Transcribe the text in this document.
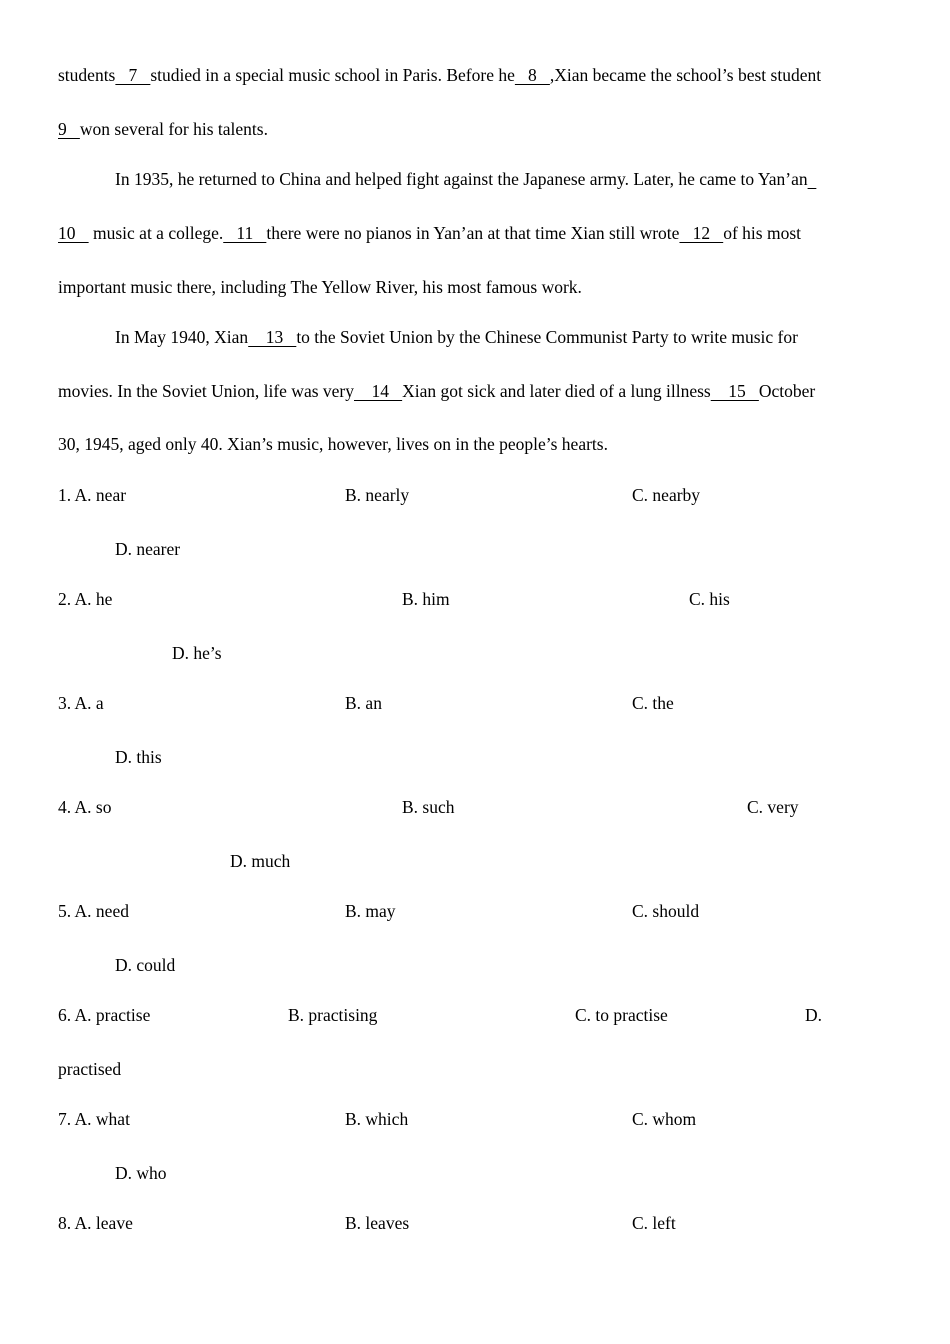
students   7   studied in a special music school in Paris. Before he   8   ,Xian became the school’s best student
9   won several for his talents.
In 1935, he returned to China and helped fight against the Japanese army. Later, he came to Yan’an
10    music at a college.   11   there were no pianos in Yan’an at that time Xian still wrote   12   of his most
important music there, including The Yellow River, his most famous work.
In May 1940, Xian    13   to the Soviet Union by the Chinese Communist Party to write music for
movies. In the Soviet Union, life was very    14   Xian got sick and later died of a lung illness    15   October
30, 1945, aged only 40. Xian’s music, however, lives on in the people’s hearts.
1. A. near	B. nearly	C. nearby
D. nearer
2. A. he	B. him	C. his
D. he’s
3. A. a	B. an	C. the
D. this
4. A. so	B. such	C. very
D. much
5. A. need	B. may	C. should
D. could
6. A. practise	B. practising	C. to practise	D.
practised
7. A. what	B. which	C. whom
D. who
8. A. leave	B. leaves	C. left
